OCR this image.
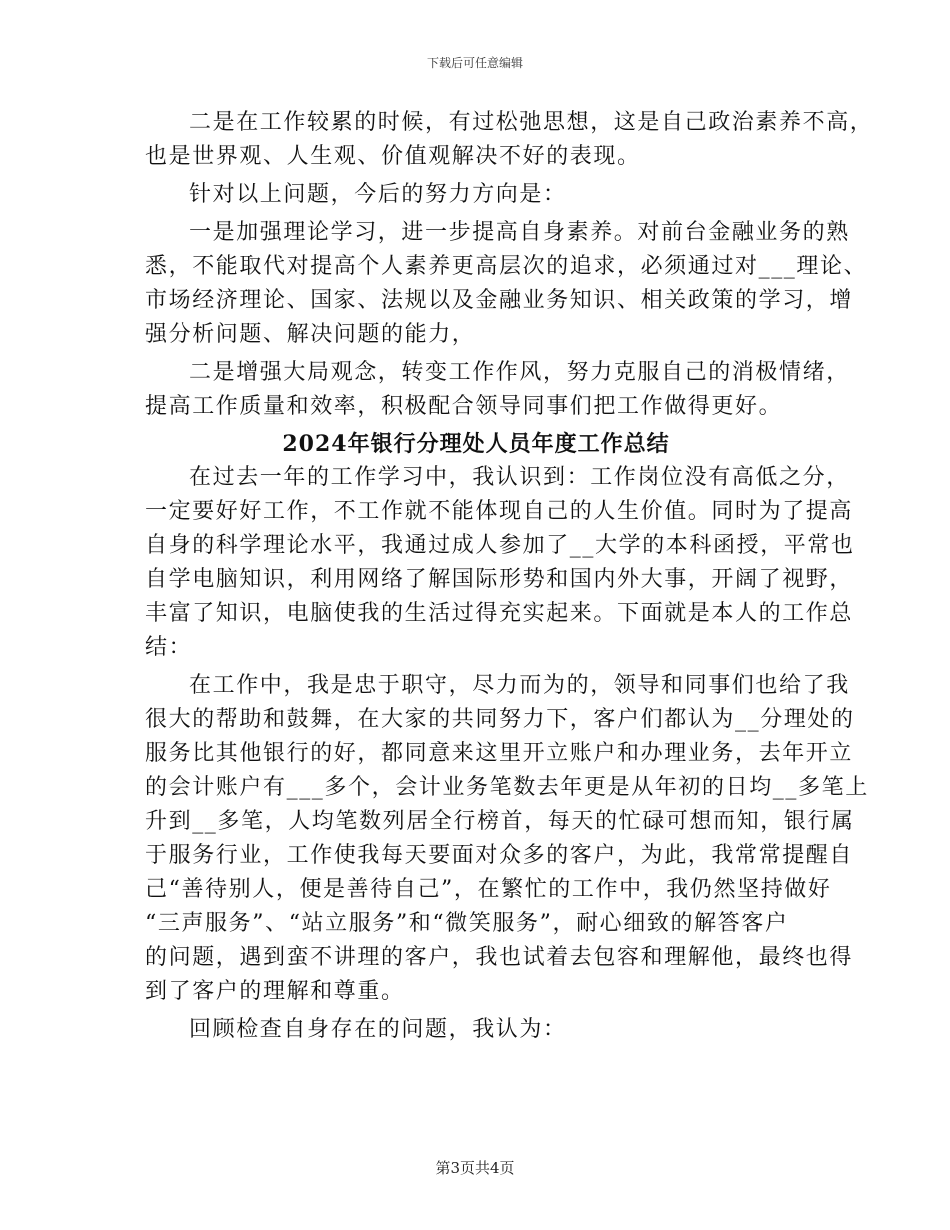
下载后可任意编辑
二是在工作较累的时候，有过松弛思想，这是自己政治素养不高，
也是世界观、人生观、价值观解决不好的表现。
针对以上问题，今后的努力方向是：
一是加强理论学习，进一步提高自身素养。对前台金融业务的熟
悉，不能取代对提高个人素养更高层次的追求，必须通过对___理论、
市场经济理论、国家、法规以及金融业务知识、相关政策的学习，增
强分析问题、解决问题的能力，
二是增强大局观念，转变工作作风，努力克服自己的消极情绪，
提高工作质量和效率，积极配合领导同事们把工作做得更好。
2024年银行分理处人员年度工作总结
在过去一年的工作学习中，我认识到：工作岗位没有高低之分，
一定要好好工作，不工作就不能体现自己的人生价值。同时为了提高
自身的科学理论水平，我通过成人参加了__大学的本科函授，平常也
自学电脑知识，利用网络了解国际形势和国内外大事，开阔了视野，
丰富了知识，电脑使我的生活过得充实起来。下面就是本人的工作总
结：
在工作中，我是忠于职守，尽力而为的，领导和同事们也给了我
很大的帮助和鼓舞，在大家的共同努力下，客户们都认为__分理处的
服务比其他银行的好，都同意来这里开立账户和办理业务，去年开立
的会计账户有___多个，会计业务笔数去年更是从年初的日均__多笔上
升到__多笔，人均笔数列居全行榜首，每天的忙碌可想而知，银行属
于服务行业，工作使我每天要面对众多的客户，为此，我常常提醒自
己“善待别人，便是善待自己”，在繁忙的工作中，我仍然坚持做好
“三声服务”、“站立服务”和“微笑服务”，耐心细致的解答客户
的问题，遇到蛮不讲理的客户，我也试着去包容和理解他，最终也得
到了客户的理解和尊重。
回顾检查自身存在的问题，我认为：
第3页共4页
